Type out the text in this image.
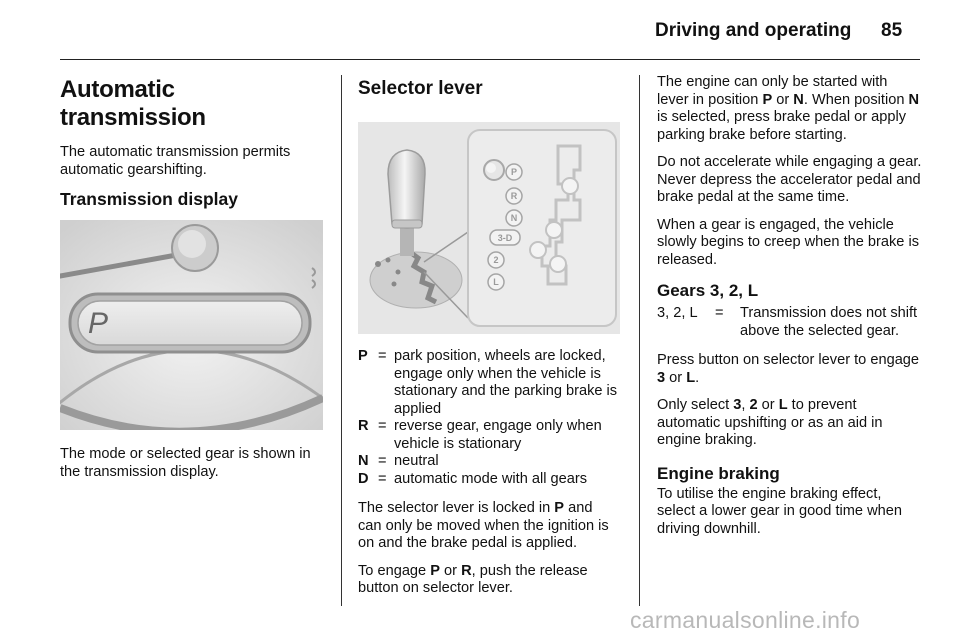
Driving and operating 85
Automatic transmission

The automatic transmission permits automatic gearshifting.

Transmission display
P

The mode or selected gear is shown in the transmission display.

Selector lever
P
R
N
3-D
2
L
P = park position, wheels are locked, engage only when the vehicle is stationary and the parking brake is applied
R = reverse gear, engage only when vehicle is stationary
N = neutral
D = automatic mode with all gears

The selector lever is locked in P and can only be moved when the ignition is on and the brake pedal is applied.

To engage P or R, push the release button on selector lever.

The engine can only be started with lever in position P or N. When position N is selected, press brake pedal or apply parking brake before starting.

Do not accelerate while engaging a gear. Never depress the accelerator pedal and brake pedal at the same time.

When a gear is engaged, the vehicle slowly begins to creep when the brake is released.

Gears 3, 2, L
3, 2, L	=	Transmission does not shift above the selected gear.

Press button on selector lever to engage 3 or L.

Only select 3, 2 or L to prevent automatic upshifting or as an aid in engine braking.

Engine braking

To utilise the engine braking effect, select a lower gear in good time when driving downhill.

carmanualsonline.info
